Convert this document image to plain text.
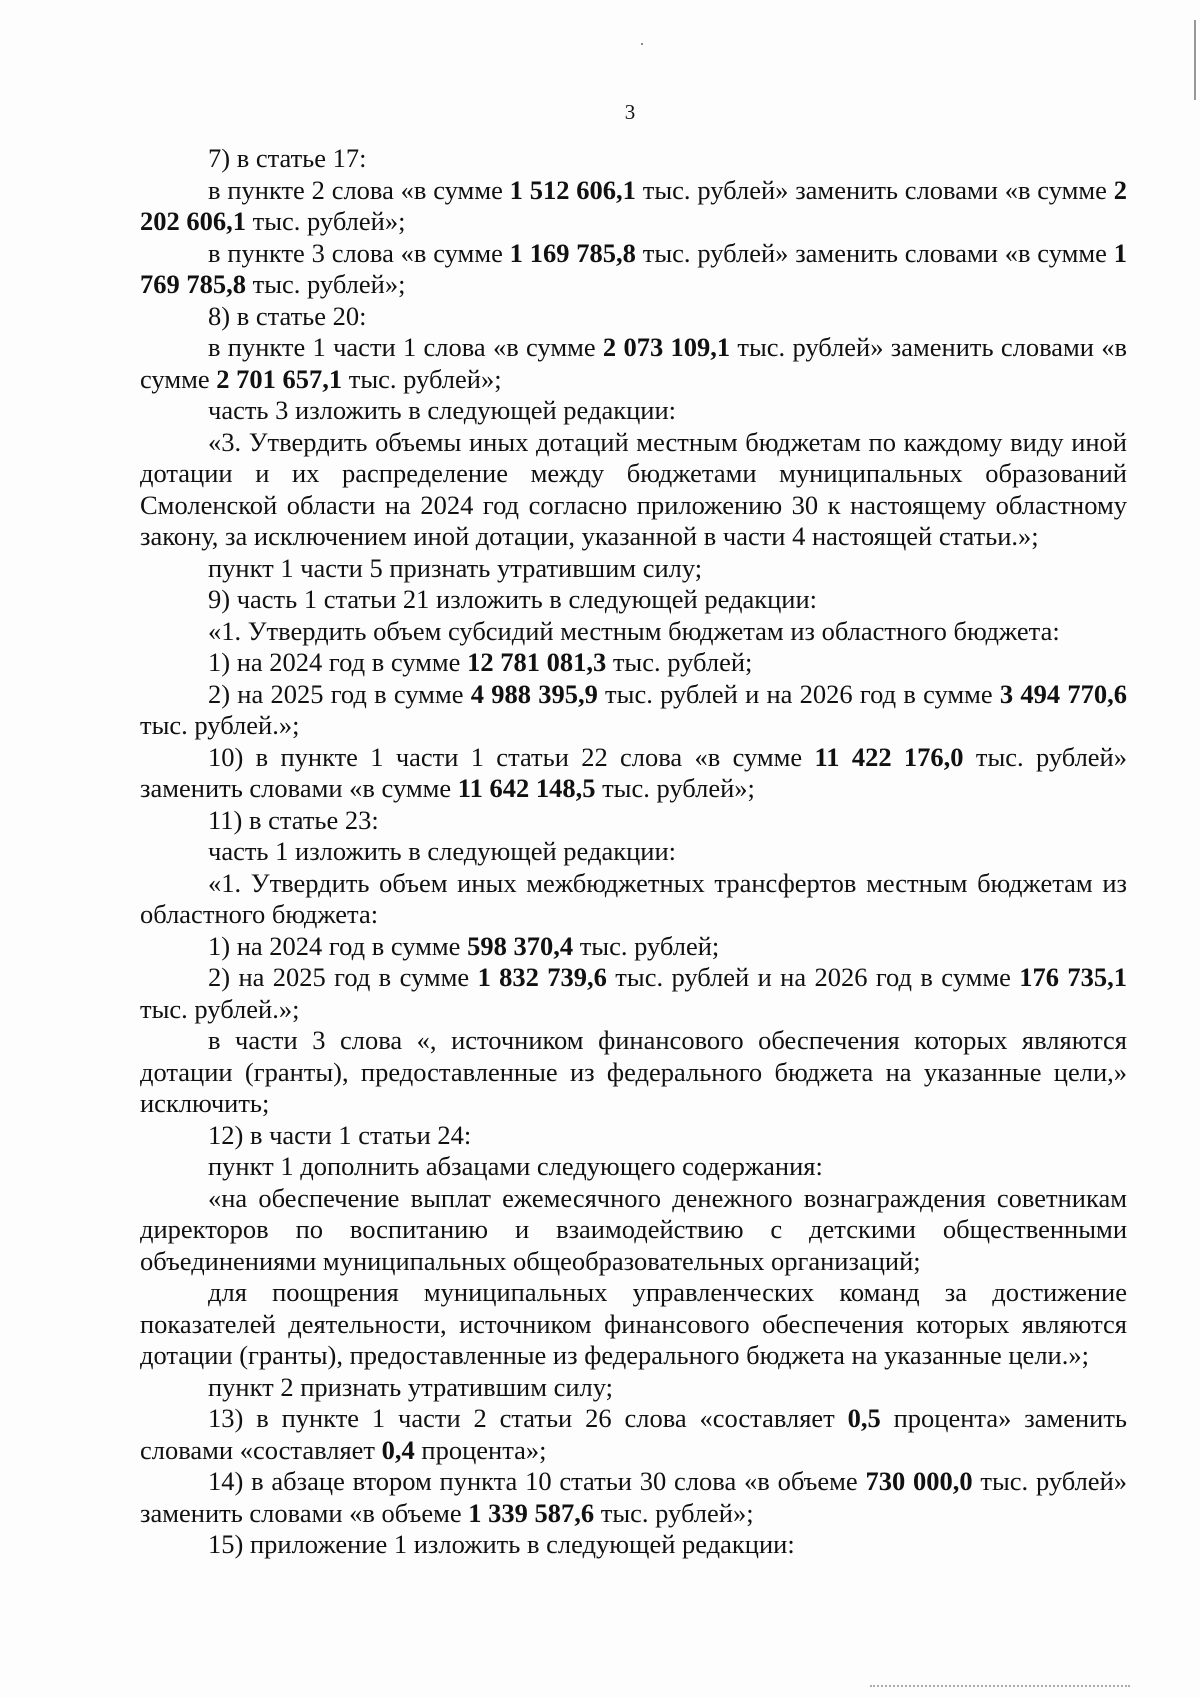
3

7) в статье 17:

в пункте 2 слова «в сумме 1 512 606,1 тыс. рублей» заменить словами «в сумме 2 202 606,1 тыс. рублей»;

в пункте 3 слова «в сумме 1 169 785,8 тыс. рублей» заменить словами «в сумме 1 769 785,8 тыс. рублей»;

8) в статье 20:

в пункте 1 части 1 слова «в сумме 2 073 109,1 тыс. рублей» заменить словами «в сумме 2 701 657,1 тыс. рублей»;

часть 3 изложить в следующей редакции:

«3. Утвердить объемы иных дотаций местным бюджетам по каждому виду иной дотации и их распределение между бюджетами муниципальных образований Смоленской области на 2024 год согласно приложению 30 к настоящему областному закону, за исключением иной дотации, указанной в части 4 настоящей статьи.»;

пункт 1 части 5 признать утратившим силу;

9) часть 1 статьи 21 изложить в следующей редакции:

«1. Утвердить объем субсидий местным бюджетам из областного бюджета:

1) на 2024 год в сумме 12 781 081,3 тыс. рублей;

2) на 2025 год в сумме 4 988 395,9 тыс. рублей и на 2026 год в сумме 3 494 770,6 тыс. рублей.»;

10) в пункте 1 части 1 статьи 22 слова «в сумме 11 422 176,0 тыс. рублей» заменить словами «в сумме 11 642 148,5 тыс. рублей»;

11) в статье 23:

часть 1 изложить в следующей редакции:

«1. Утвердить объем иных межбюджетных трансфертов местным бюджетам из областного бюджета:

1) на 2024 год в сумме 598 370,4 тыс. рублей;

2) на 2025 год в сумме 1 832 739,6 тыс. рублей и на 2026 год в сумме 176 735,1 тыс. рублей.»;

в части 3 слова «, источником финансового обеспечения которых являются дотации (гранты), предоставленные из федерального бюджета на указанные цели,» исключить;

12) в части 1 статьи 24:

пункт 1 дополнить абзацами следующего содержания:

«на обеспечение выплат ежемесячного денежного вознаграждения советникам директоров по воспитанию и взаимодействию с детскими общественными объединениями муниципальных общеобразовательных организаций;

для поощрения муниципальных управленческих команд за достижение показателей деятельности, источником финансового обеспечения которых являются дотации (гранты), предоставленные из федерального бюджета на указанные цели.»;

пункт 2 признать утратившим силу;

13) в пункте 1 части 2 статьи 26 слова «составляет 0,5 процента» заменить словами «составляет 0,4 процента»;

14) в абзаце втором пункта 10 статьи 30 слова «в объеме 730 000,0 тыс. рублей» заменить словами «в объеме 1 339 587,6 тыс. рублей»;

15) приложение 1 изложить в следующей редакции:
